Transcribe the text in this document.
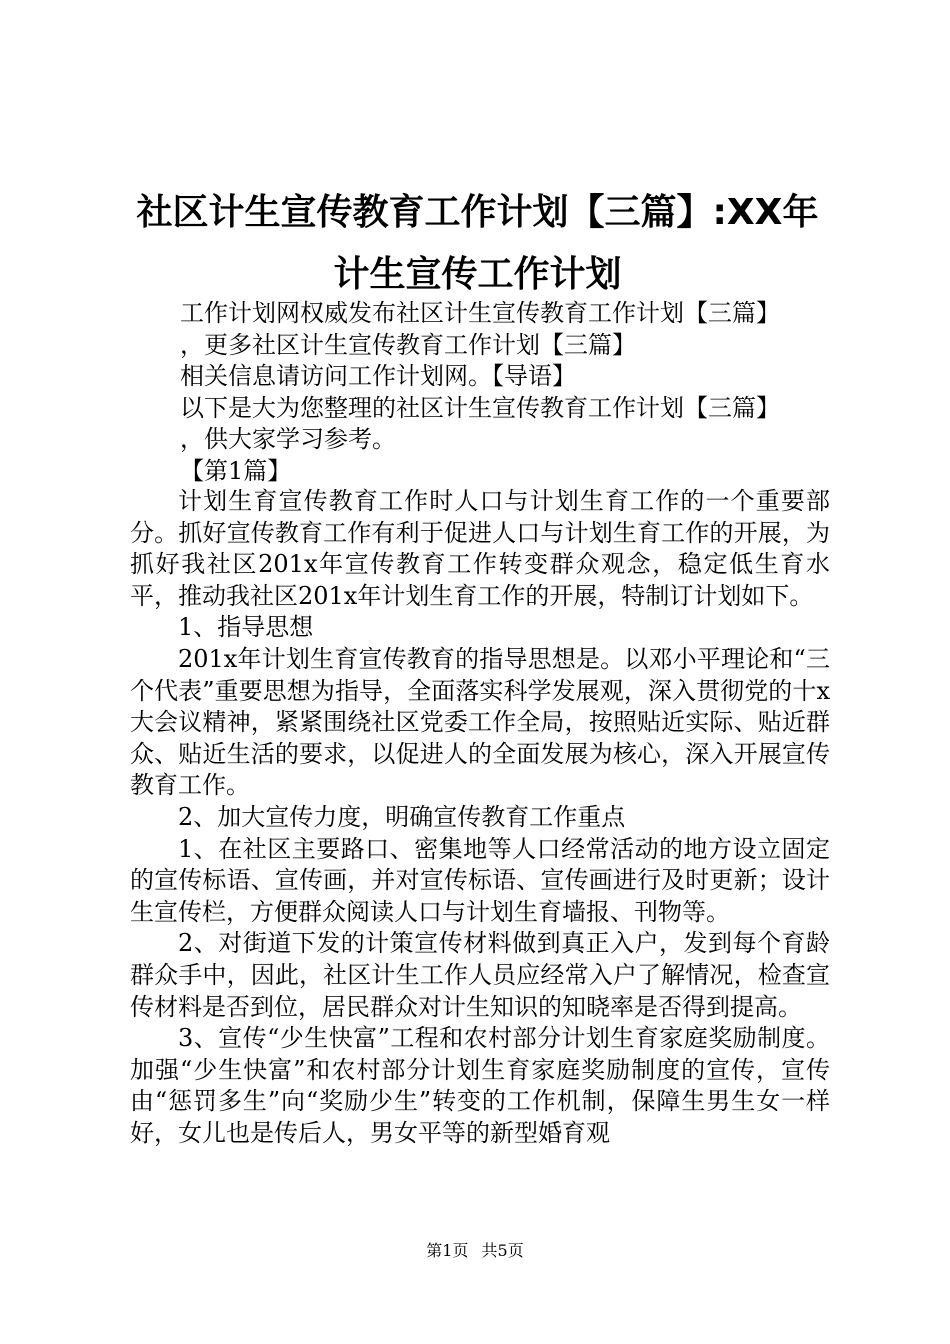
社区计生宣传教育工作计划【三篇】:XX年计生宣传工作计划
工作计划网权威发布社区计生宣传教育工作计划【三篇】
，更多社区计生宣传教育工作计划【三篇】
相关信息请访问工作计划网。【导语】
以下是大为您整理的社区计生宣传教育工作计划【三篇】
，供大家学习参考。
【第1篇】

计划生育宣传教育工作时人口与计划生育工作的一个重要部分。抓好宣传教育工作有利于促进人口与计划生育工作的开展，为抓好我社区201x年宣传教育工作转变群众观念，稳定低生育水平，推动我社区201x年计划生育工作的开展，特制订计划如下。

1、指导思想

201x年计划生育宣传教育的指导思想是。以邓小平理论和“三个代表”重要思想为指导，全面落实科学发展观，深入贯彻党的十x大会议精神，紧紧围绕社区党委工作全局，按照贴近实际、贴近群众、贴近生活的要求，以促进人的全面发展为核心，深入开展宣传教育工作。

2、加大宣传力度，明确宣传教育工作重点

1、在社区主要路口、密集地等人口经常活动的地方设立固定的宣传标语、宣传画，并对宣传标语、宣传画进行及时更新；设计生宣传栏，方便群众阅读人口与计划生育墙报、刊物等。

2、对街道下发的计策宣传材料做到真正入户，发到每个育龄群众手中，因此，社区计生工作人员应经常入户了解情况，检查宣传材料是否到位，居民群众对计生知识的知晓率是否得到提高。

3、宣传“少生快富”工程和农村部分计划生育家庭奖励制度。加强“少生快富”和农村部分计划生育家庭奖励制度的宣传，宣传由“惩罚多生”向“奖励少生”转变的工作机制，保障生男生女一样好，女儿也是传后人，男女平等的新型婚育观

第1页 共5页
